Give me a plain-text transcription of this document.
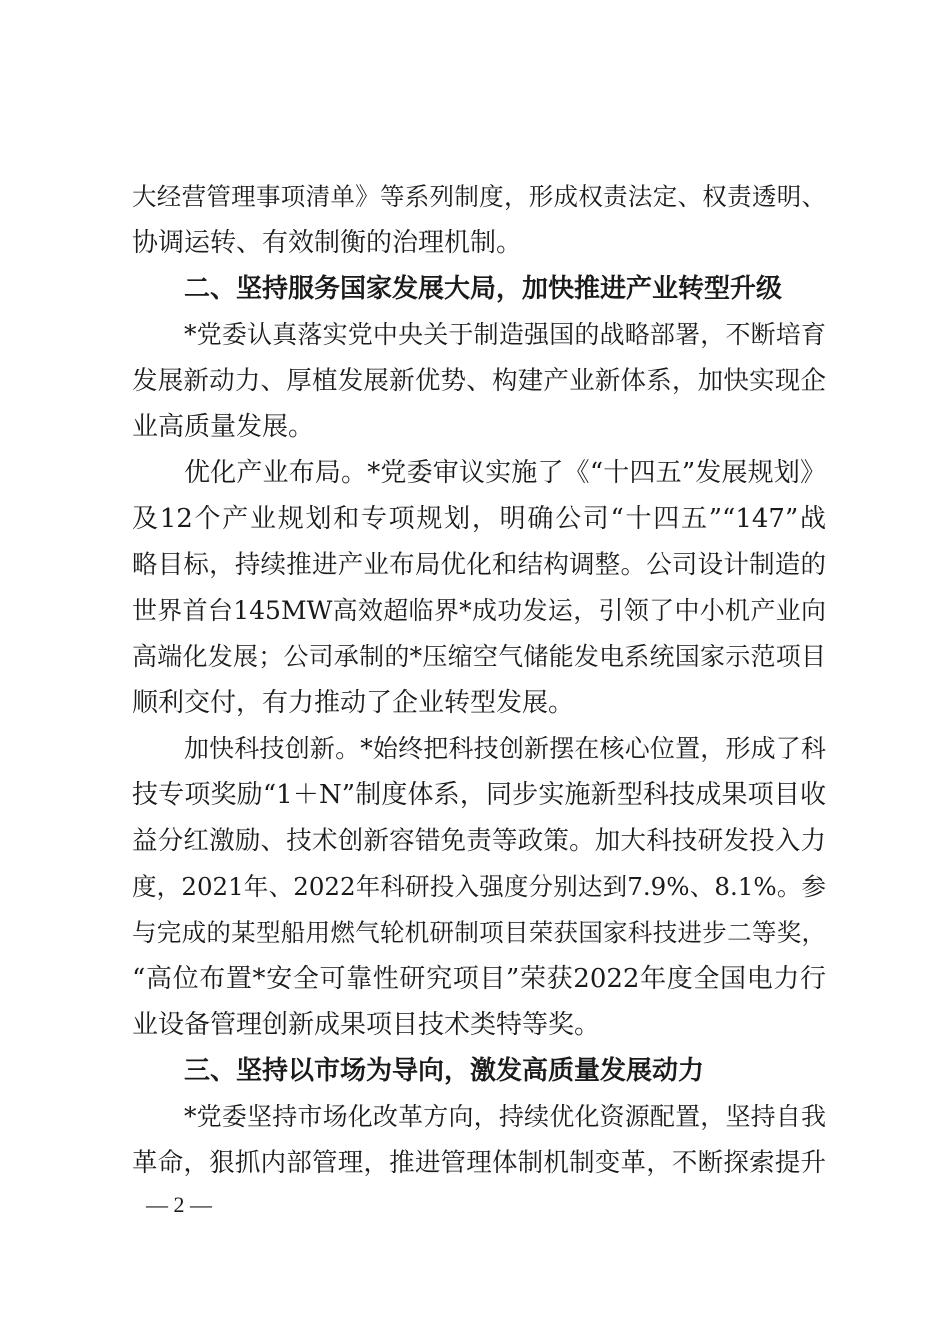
大经营管理事项清单》等系列制度，形成权责法定、权责透明、
协调运转、有效制衡的治理机制。
二、坚持服务国家发展大局，加快推进产业转型升级
*党委认真落实党中央关于制造强国的战略部署，不断培育
发展新动力、厚植发展新优势、构建产业新体系，加快实现企
业高质量发展。
优化产业布局。*党委审议实施了《“十四五”发展规划》
及12个产业规划和专项规划，明确公司“十四五”“147”战
略目标，持续推进产业布局优化和结构调整。公司设计制造的
世界首台145MW高效超临界*成功发运，引领了中小机产业向
高端化发展；公司承制的*压缩空气储能发电系统国家示范项目
顺利交付，有力推动了企业转型发展。
加快科技创新。*始终把科技创新摆在核心位置，形成了科
技专项奖励“1＋N”制度体系，同步实施新型科技成果项目收
益分红激励、技术创新容错免责等政策。加大科技研发投入力
度，2021年、2022年科研投入强度分别达到7.9%、8.1%。参
与完成的某型船用燃气轮机研制项目荣获国家科技进步二等奖，
“高位布置*安全可靠性研究项目”荣获2022年度全国电力行
业设备管理创新成果项目技术类特等奖。
三、坚持以市场为导向，激发高质量发展动力
*党委坚持市场化改革方向，持续优化资源配置，坚持自我
革命，狠抓内部管理，推进管理体制机制变革，不断探索提升
— 2 —
